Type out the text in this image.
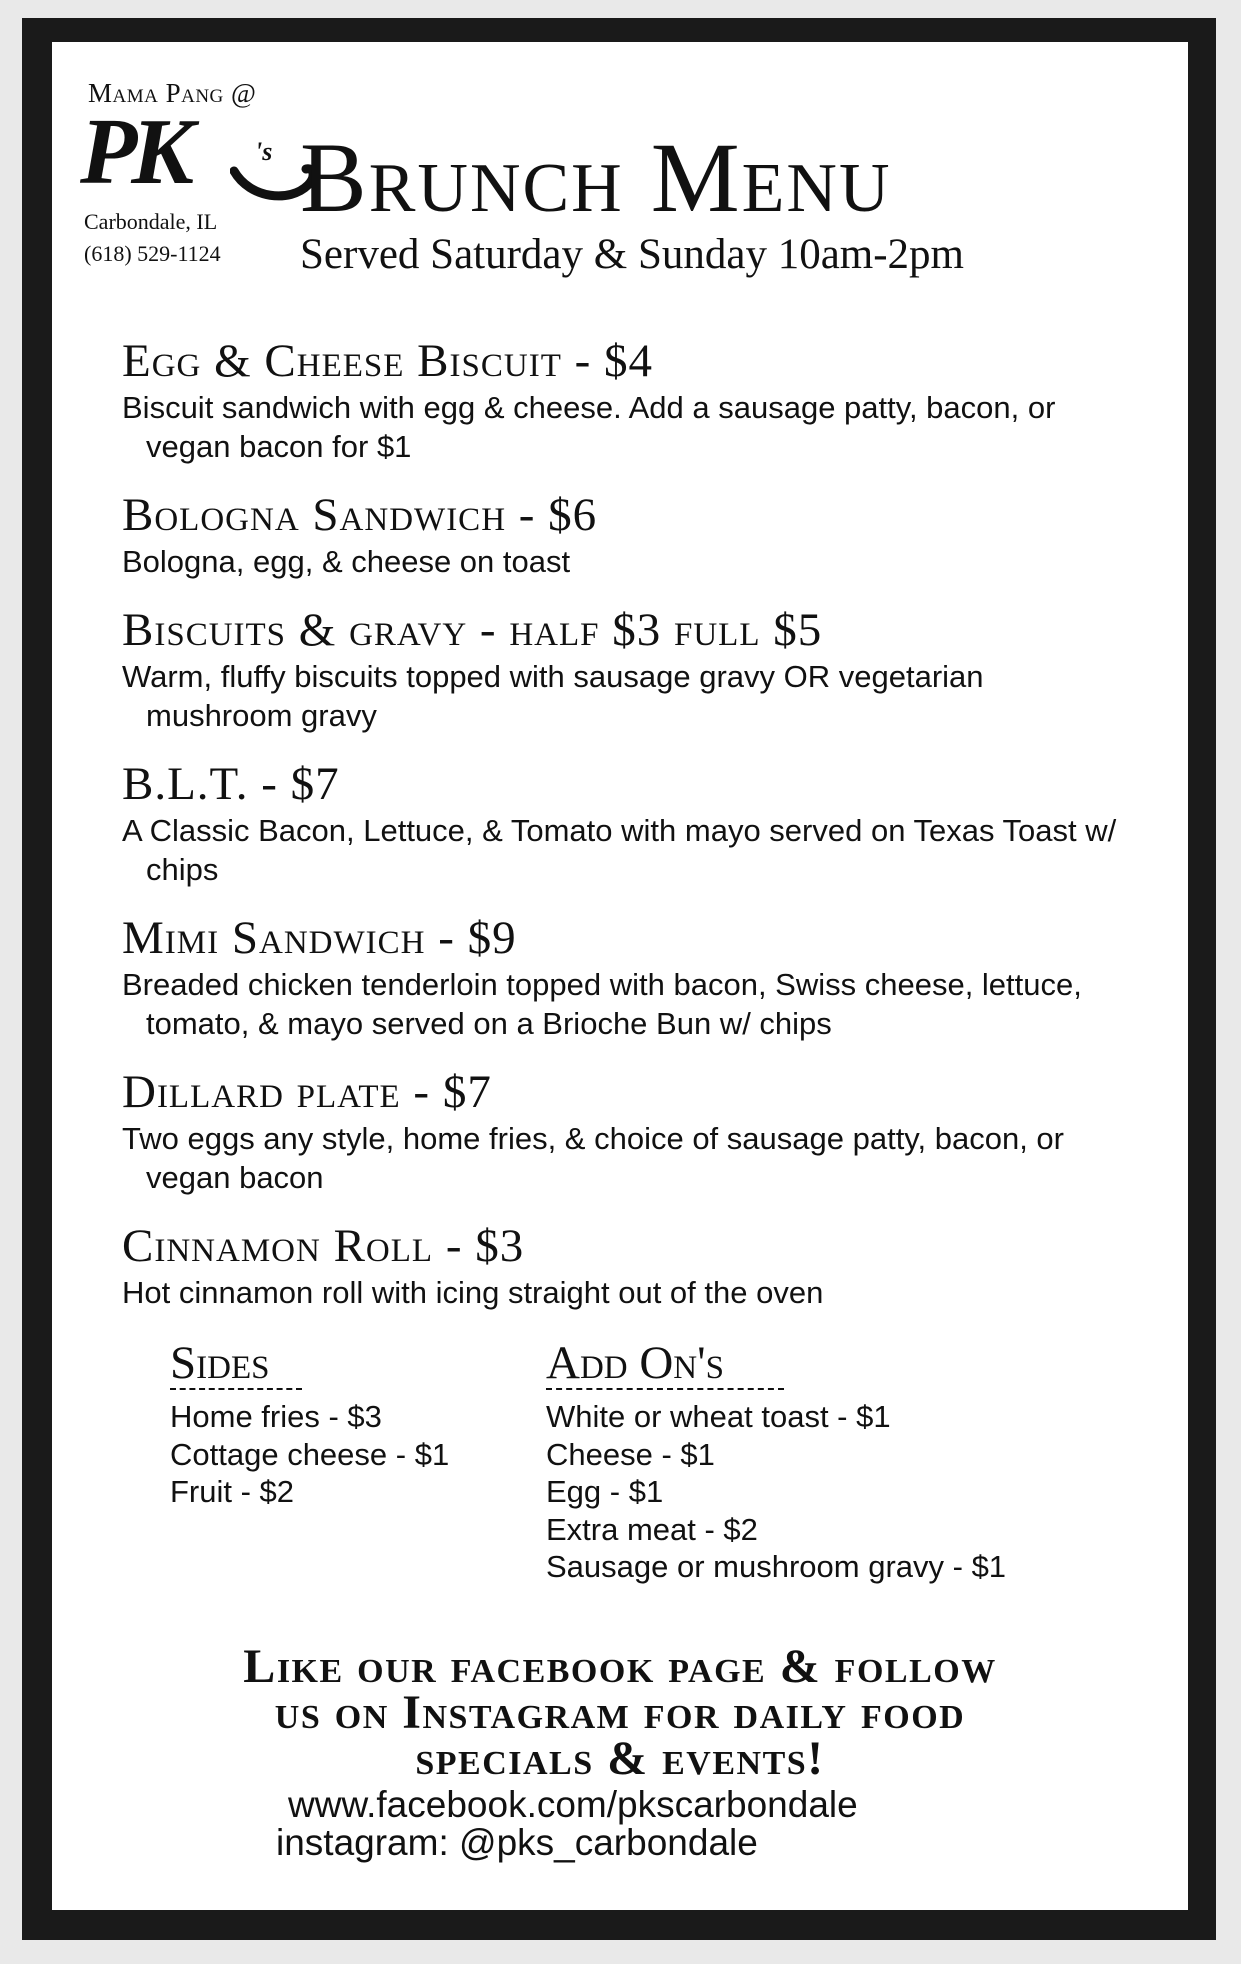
Mama Pang @
PK	's
Carbondale, IL
(618) 529-1124
Brunch Menu
Served Saturday & Sunday 10am-2pm
Egg & Cheese Biscuit - $4
Biscuit sandwich with egg & cheese. Add a sausage patty, bacon, or vegan bacon for $1
Bologna Sandwich - $6
Bologna, egg, & cheese on toast
Biscuits & gravy - half $3 full $5
Warm, fluffy biscuits topped with sausage gravy OR vegetarian mushroom gravy
B.L.T. - $7
A Classic Bacon, Lettuce, & Tomato with mayo served on Texas Toast w/ chips
Mimi Sandwich - $9
Breaded chicken tenderloin topped with bacon, Swiss cheese, lettuce, tomato, & mayo served on a Brioche Bun w/ chips
Dillard plate - $7
Two eggs any style, home fries, & choice of sausage patty, bacon, or vegan bacon
Cinnamon Roll - $3
Hot cinnamon roll with icing straight out of the oven
Sides
Home fries - $3
Cottage cheese - $1
Fruit - $2
Add On's
White or wheat toast - $1
Cheese - $1
Egg - $1
Extra meat - $2
Sausage or mushroom gravy - $1
Like our facebook page & follow
us on Instagram for daily food
specials & events!
www.facebook.com/pkscarbondale
instagram: @pks_carbondale
